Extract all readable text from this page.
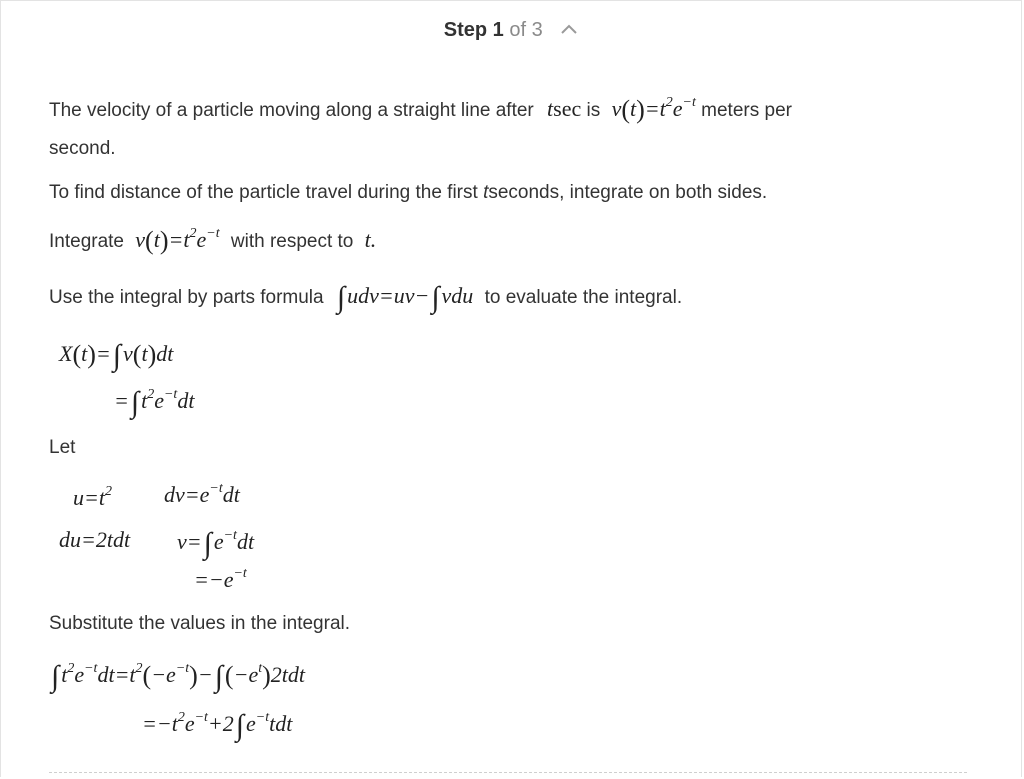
Step 1 of 3
The velocity of a particle moving along a straight line after tsec is $v(t)=t^2e^{-t}$ meters per
second.
To find distance of the particle travel during the first tseconds, integrate on both sides.
Integrate $v(t)=t^2e^{-t}$ with respect to t.
Use the integral by parts formula ∫udv=uv−∫vdu to evaluate the integral.
X(t)=∫v(t)dt
$=\int t^2e^{-t}dt$
Let
$u=t^2$ $dv=e^{-t}dt$
du=2tdt $v=\int e^{-t}dt$
$=-e^{-t}$
Substitute the values in the integral.
$\int t^2e^{-t}dt=t^2(-e^{-t})-\int(-e^t)2tdt$
$=-t^2e^{-t}+2\int e^{-t}tdt$
